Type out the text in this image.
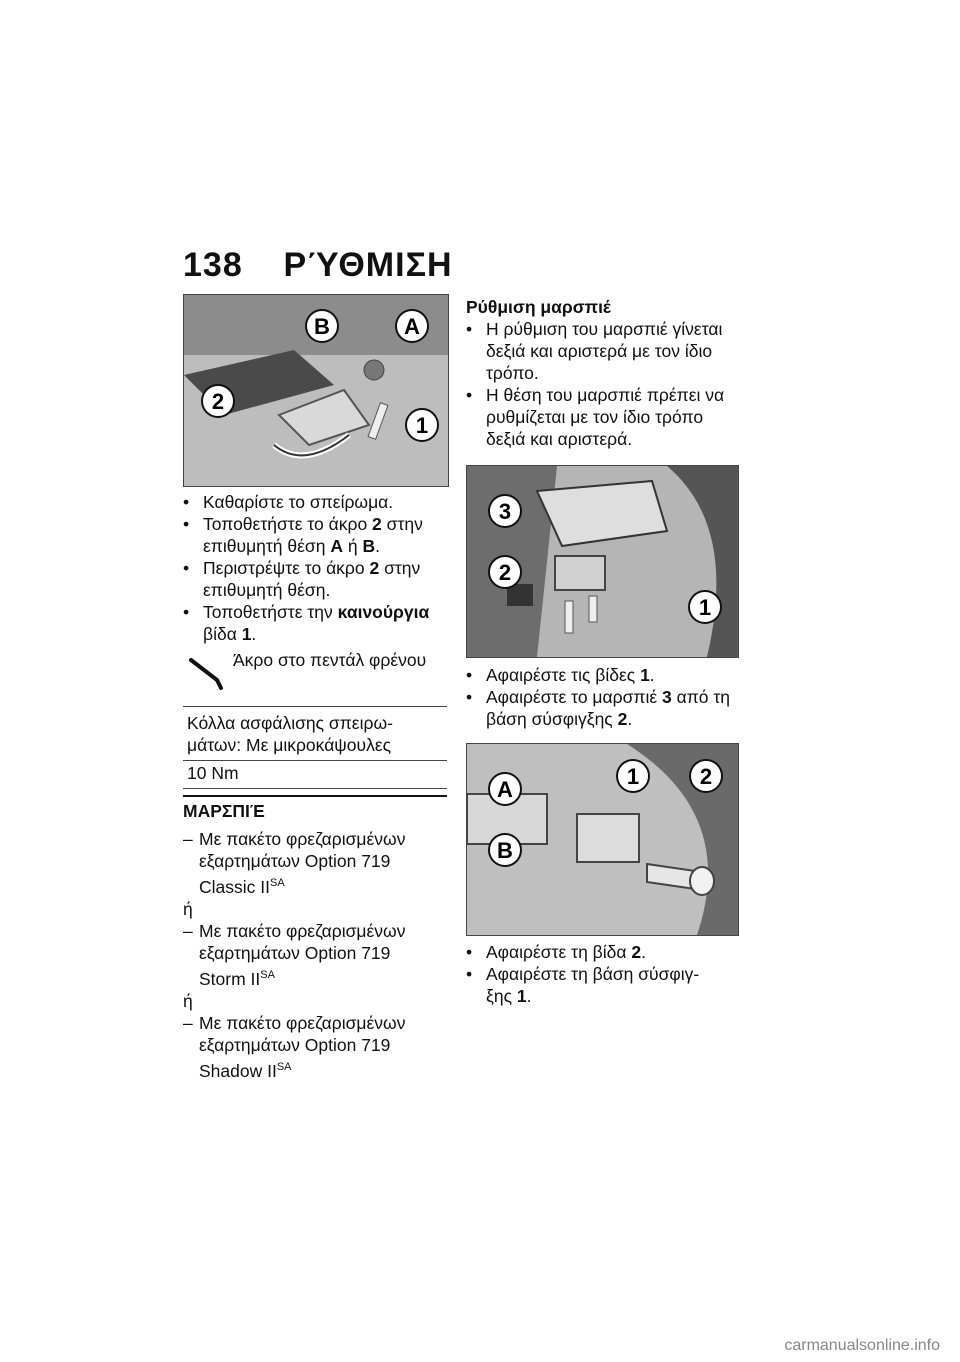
138 ΡΎΘΜΙΣΗ
B	A
2
1
• Καθαρίστε το σπείρωμα.
• Τοποθετήστε το άκρο 2 στην
επιθυμητή θέση A ή B.
• Περιστρέψτε το άκρο 2 στην
επιθυμητή θέση.
• Τοποθετήστε την καινούργια
βίδα 1.
Άκρο στο πεντάλ φρένου
Κόλλα ασφάλισης σπειρω-
μάτων: Με μικροκάψουλες
10 Nm
ΜΑΡΣΠΙΈ
– Με πακέτο φρεζαρισμένων
εξαρτημάτων Option 719
Classic $II^{SA}$
ή
– Με πακέτο φρεζαρισμένων
εξαρτημάτων Option 719
Storm $II^{SA}$
ή
– Με πακέτο φρεζαρισμένων
εξαρτημάτων Option 719
Shadow $II^{SA}$
Ρύθμιση μαρσπιέ
• Η ρύθμιση του μαρσπιέ γίνεται
δεξιά και αριστερά με τον ίδιο
τρόπο.
• Η θέση του μαρσπιέ πρέπει να
ρυθμίζεται με τον ίδιο τρόπο
δεξιά και αριστερά.
3
2
1
• Αφαιρέστε τις βίδες 1.
• Αφαιρέστε το μαρσπιέ 3 από τη
βάση σύσφιγξης 2.
A
1	2
B
• Αφαιρέστε τη βίδα 2.
• Αφαιρέστε τη βάση σύσφιγ-
ξης 1.
carmanualsonline.info
